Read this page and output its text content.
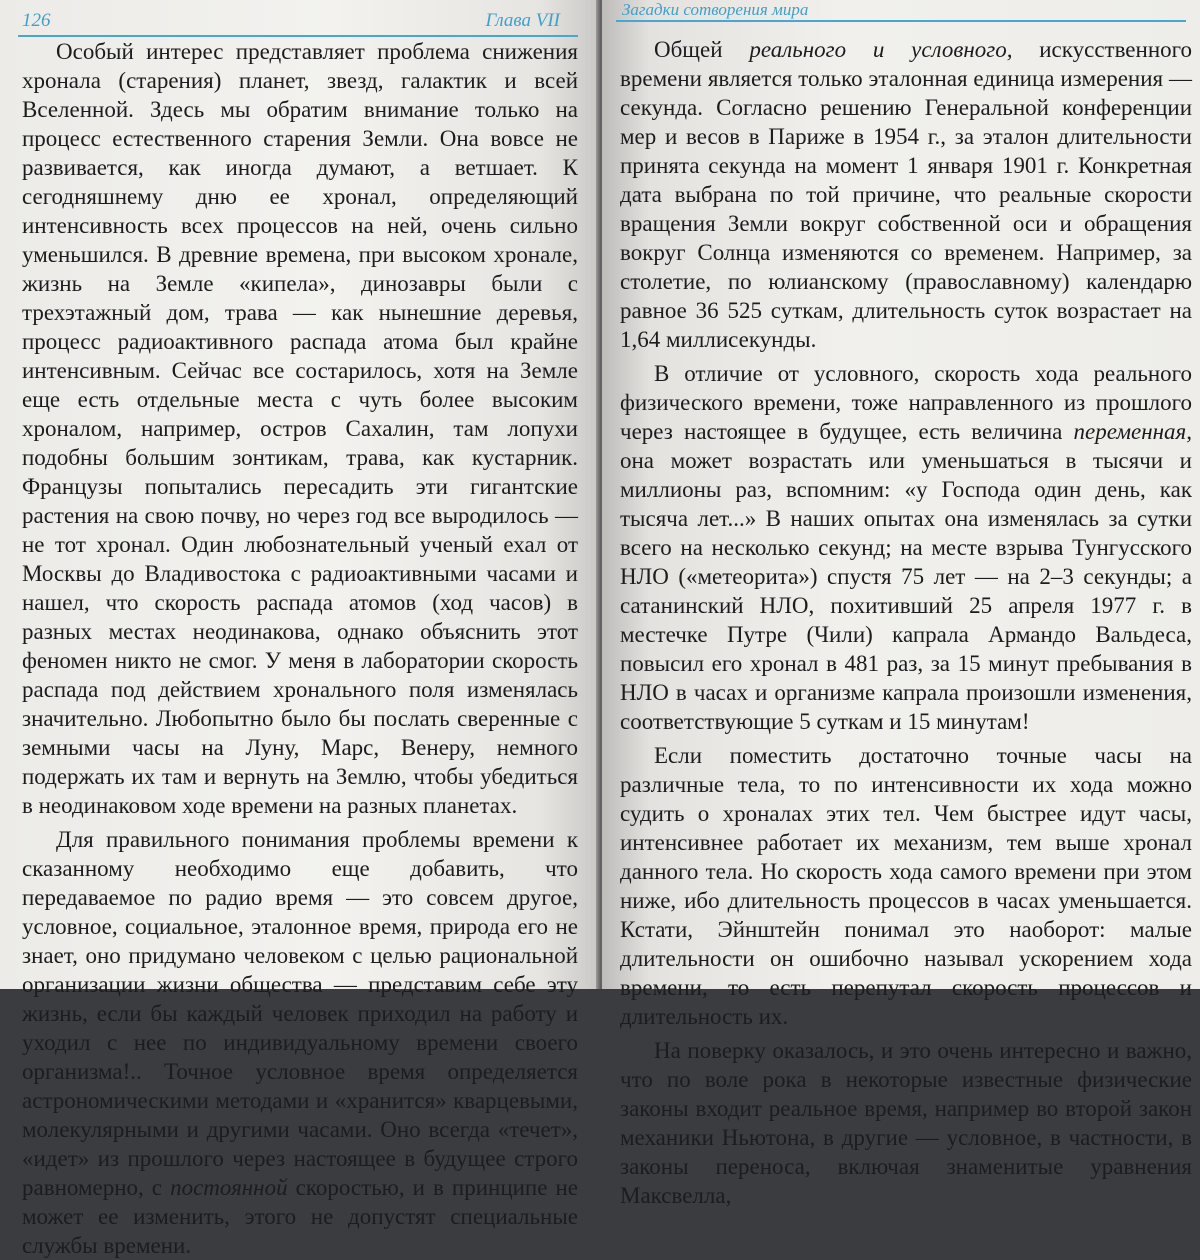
126	Глава VII

Особый интерес представляет проблема снижения хронала (старения) планет, звезд, галактик и всей Вселенной. Здесь мы обратим внимание только на процесс естественного старения Земли. Она вовсе не развивается, как иногда думают, а ветшает. К сегодняшнему дню ее хронал, определяющий интенсивность всех процессов на ней, очень сильно уменьшился. В древние времена, при высоком хронале, жизнь на Земле «кипела», динозавры были с трехэтажный дом, трава — как нынешние деревья, процесс радиоактивного распада атома был крайне интенсивным. Сейчас все состарилось, хотя на Земле еще есть отдельные места с чуть более высоким хроналом, например, остров Сахалин, там лопухи подобны большим зонтикам, трава, как кустарник. Французы попытались пересадить эти гигантские растения на свою почву, но через год все выродилось — не тот хронал. Один любознательный ученый ехал от Москвы до Владивостока с радиоактивными часами и нашел, что скорость распада атомов (ход часов) в разных местах неодинакова, однако объяснить этот феномен никто не смог. У меня в лаборатории скорость распада под действием хронального поля изменялась значительно. Любопытно было бы послать сверенные с земными часы на Луну, Марс, Венеру, немного подержать их там и вернуть на Землю, чтобы убедиться в неодинаковом ходе времени на разных планетах.

Для правильного понимания проблемы времени к сказанному необходимо еще добавить, что передаваемое по радио время — это совсем другое, условное, социальное, эталонное время, природа его не знает, оно придумано человеком с целью рациональной организации жизни общества — представим себе эту жизнь, если бы каждый человек приходил на работу и уходил с нее по индивидуальному времени своего организма!.. Точное условное время определяется астрономическими методами и «хранится» кварцевыми, молекулярными и другими часами. Оно всегда «течет», «идет» из прошлого через настоящее в будущее строго равномерно, с постоянной скоростью, и в принципе не может ее изменить, этого не допустят специальные службы времени.

Загадки сотворения мира

Общей реального и условного, искусственного времени является только эталонная единица измерения — секунда. Согласно решению Генеральной конференции мер и весов в Париже в 1954 г., за эталон длительности принята секунда на момент 1 января 1901 г. Конкретная дата выбрана по той причине, что реальные скорости вращения Земли вокруг собственной оси и обращения вокруг Солнца изменяются со временем. Например, за столетие, по юлианскому (православному) календарю равное 36 525 суткам, длительность суток возрастает на 1,64 миллисекунды.

В отличие от условного, скорость хода реального физического времени, тоже направленного из прошлого через настоящее в будущее, есть величина переменная, она может возрастать или уменьшаться в тысячи и миллионы раз, вспомним: «у Господа один день, как тысяча лет...» В наших опытах она изменялась за сутки всего на несколько секунд; на месте взрыва Тунгусского НЛО («метеорита») спустя 75 лет — на 2–3 секунды; а сатанинский НЛО, похитивший 25 апреля 1977 г. в местечке Путре (Чили) капрала Армандо Вальдеса, повысил его хронал в 481 раз, за 15 минут пребывания в НЛО в часах и организме капрала произошли изменения, соответствующие 5 суткам и 15 минутам!

Если поместить достаточно точные часы на различные тела, то по интенсивности их хода можно судить о хроналах этих тел. Чем быстрее идут часы, интенсивнее работает их механизм, тем выше хронал данного тела. Но скорость хода самого времени при этом ниже, ибо длительность процессов в часах уменьшается. Кстати, Эйнштейн понимал это наоборот: малые длительности он ошибочно называл ускорением хода времени, то есть перепутал скорость процессов и длительность их.

На поверку оказалось, и это очень интересно и важно, что по воле рока в некоторые известные физические законы входит реальное время, например во второй закон механики Ньютона, в другие — условное, в частности, в законы переноса, включая знаменитые уравнения Максвелла,
